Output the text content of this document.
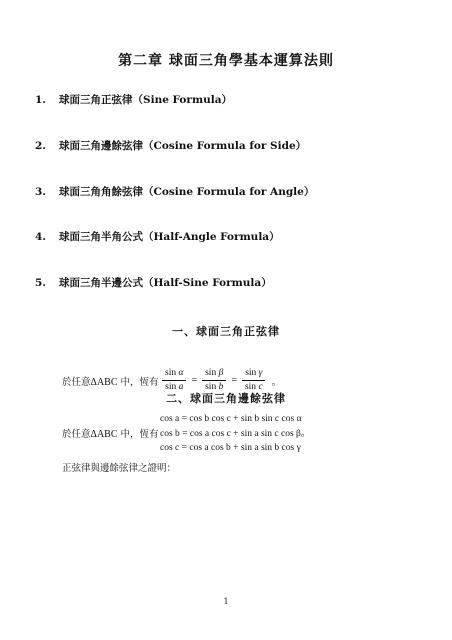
第二章 球面三角學基本運算法則
1. 球面三角正弦律（Sine Formula）
2. 球面三角邊餘弦律（Cosine Formula for Side）
3. 球面三角角餘弦律（Cosine Formula for Angle）
4. 球面三角半角公式（Half-Angle Formula）
5. 球面三角半邊公式（Half-Sine Formula）
一、球面三角正弦律
於任意ΔABC 中，恆有 $\frac{\text{sin α}}{\text{sin a}} = \frac{\text{sin β}}{\text{sin b}} = \frac{\text{sin γ}}{\text{sin c}}$ 。
二、球面三角邊餘弦律
於任意ΔABC 中，恆有
cos a = cos b cos c + sin b sin c cos α
cos b = cos a cos c + sin a sin c cos β。
cos c = cos a cos b + sin a sin b cos γ
正弦律與邊餘弦律之證明：
1
